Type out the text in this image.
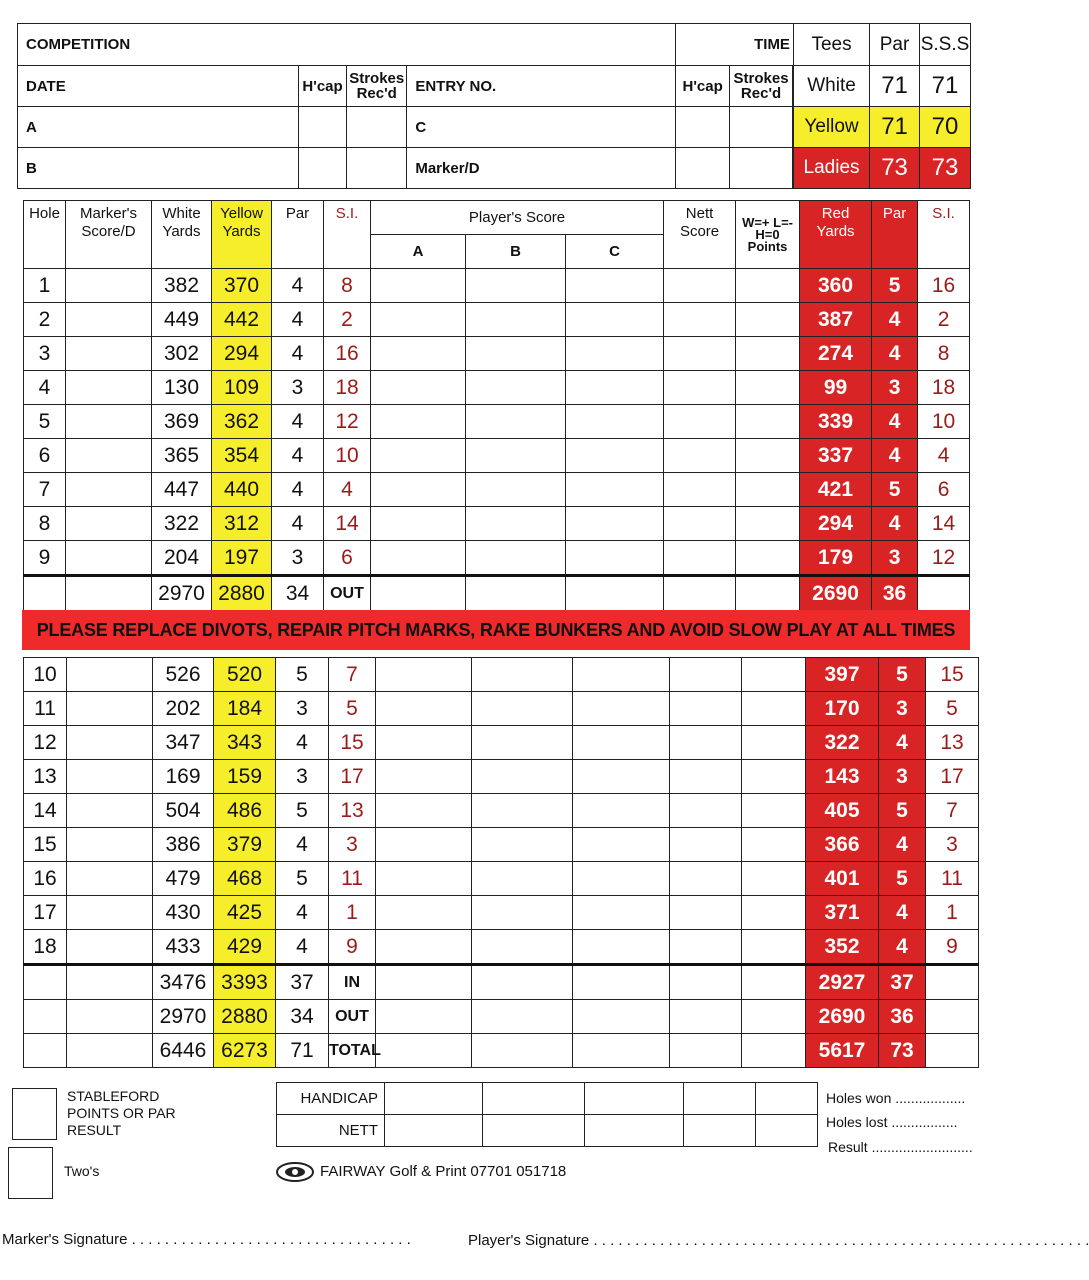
COMPETITION				TIME	
DATE	H'cap	Strokes Rec'd	ENTRY NO.	H'cap	Strokes Rec'd
A			C		
B			Marker/D		
Tees	Par	S.S.S
White	71	71
Yellow	71	70
Ladies	73	73
Hole	Marker's Score/D	White Yards	Yellow Yards	Par	S.I.	Player's Score			Nett Score	W=+ L=- H=0 Points	Red Yards	Par	S.I.
						A	B	C					
1		382	370	4	8						360	5	16
2		449	442	4	2						387	4	2
3		302	294	4	16						274	4	8
4		130	109	3	18						99	3	18
5		369	362	4	12						339	4	10
6		365	354	4	10						337	4	4
7		447	440	4	4						421	5	6
8		322	312	4	14						294	4	14
9		204	197	3	6						179	3	12
		2970	2880	34	OUT						2690	36	
PLEASE REPLACE DIVOTS, REPAIR PITCH MARKS, RAKE BUNKERS AND AVOID SLOW PLAY AT ALL TIMES
10		526	520	5	7						397	5	15
11		202	184	3	5						170	3	5
12		347	343	4	15						322	4	13
13		169	159	3	17						143	3	17
14		504	486	5	13						405	5	7
15		386	379	4	3						366	4	3
16		479	468	5	11						401	5	11
17		430	425	4	1						371	4	1
18		433	429	4	9						352	4	9
		3476	3393	37	IN						2927	37	
		2970	2880	34	OUT						2690	36	
		6446	6273	71	TOTAL						5617	73	
STABLEFORD POINTS OR PAR RESULT
Two's
HANDICAP					
NETT					
Holes won ..................
Holes lost .................
Result ..........................
FAIRWAY Golf & Print 07701 051718
Marker's Signature . . . . . . . . . . . . . . . . . . . . . . . . . . . . . . . . . .	Player's Signature . . . . . . . . . . . . . . . . . . . . . . . . . . . . . . . . . . . . . . . . . . . . . . . . . . . . . . . . . . . .
